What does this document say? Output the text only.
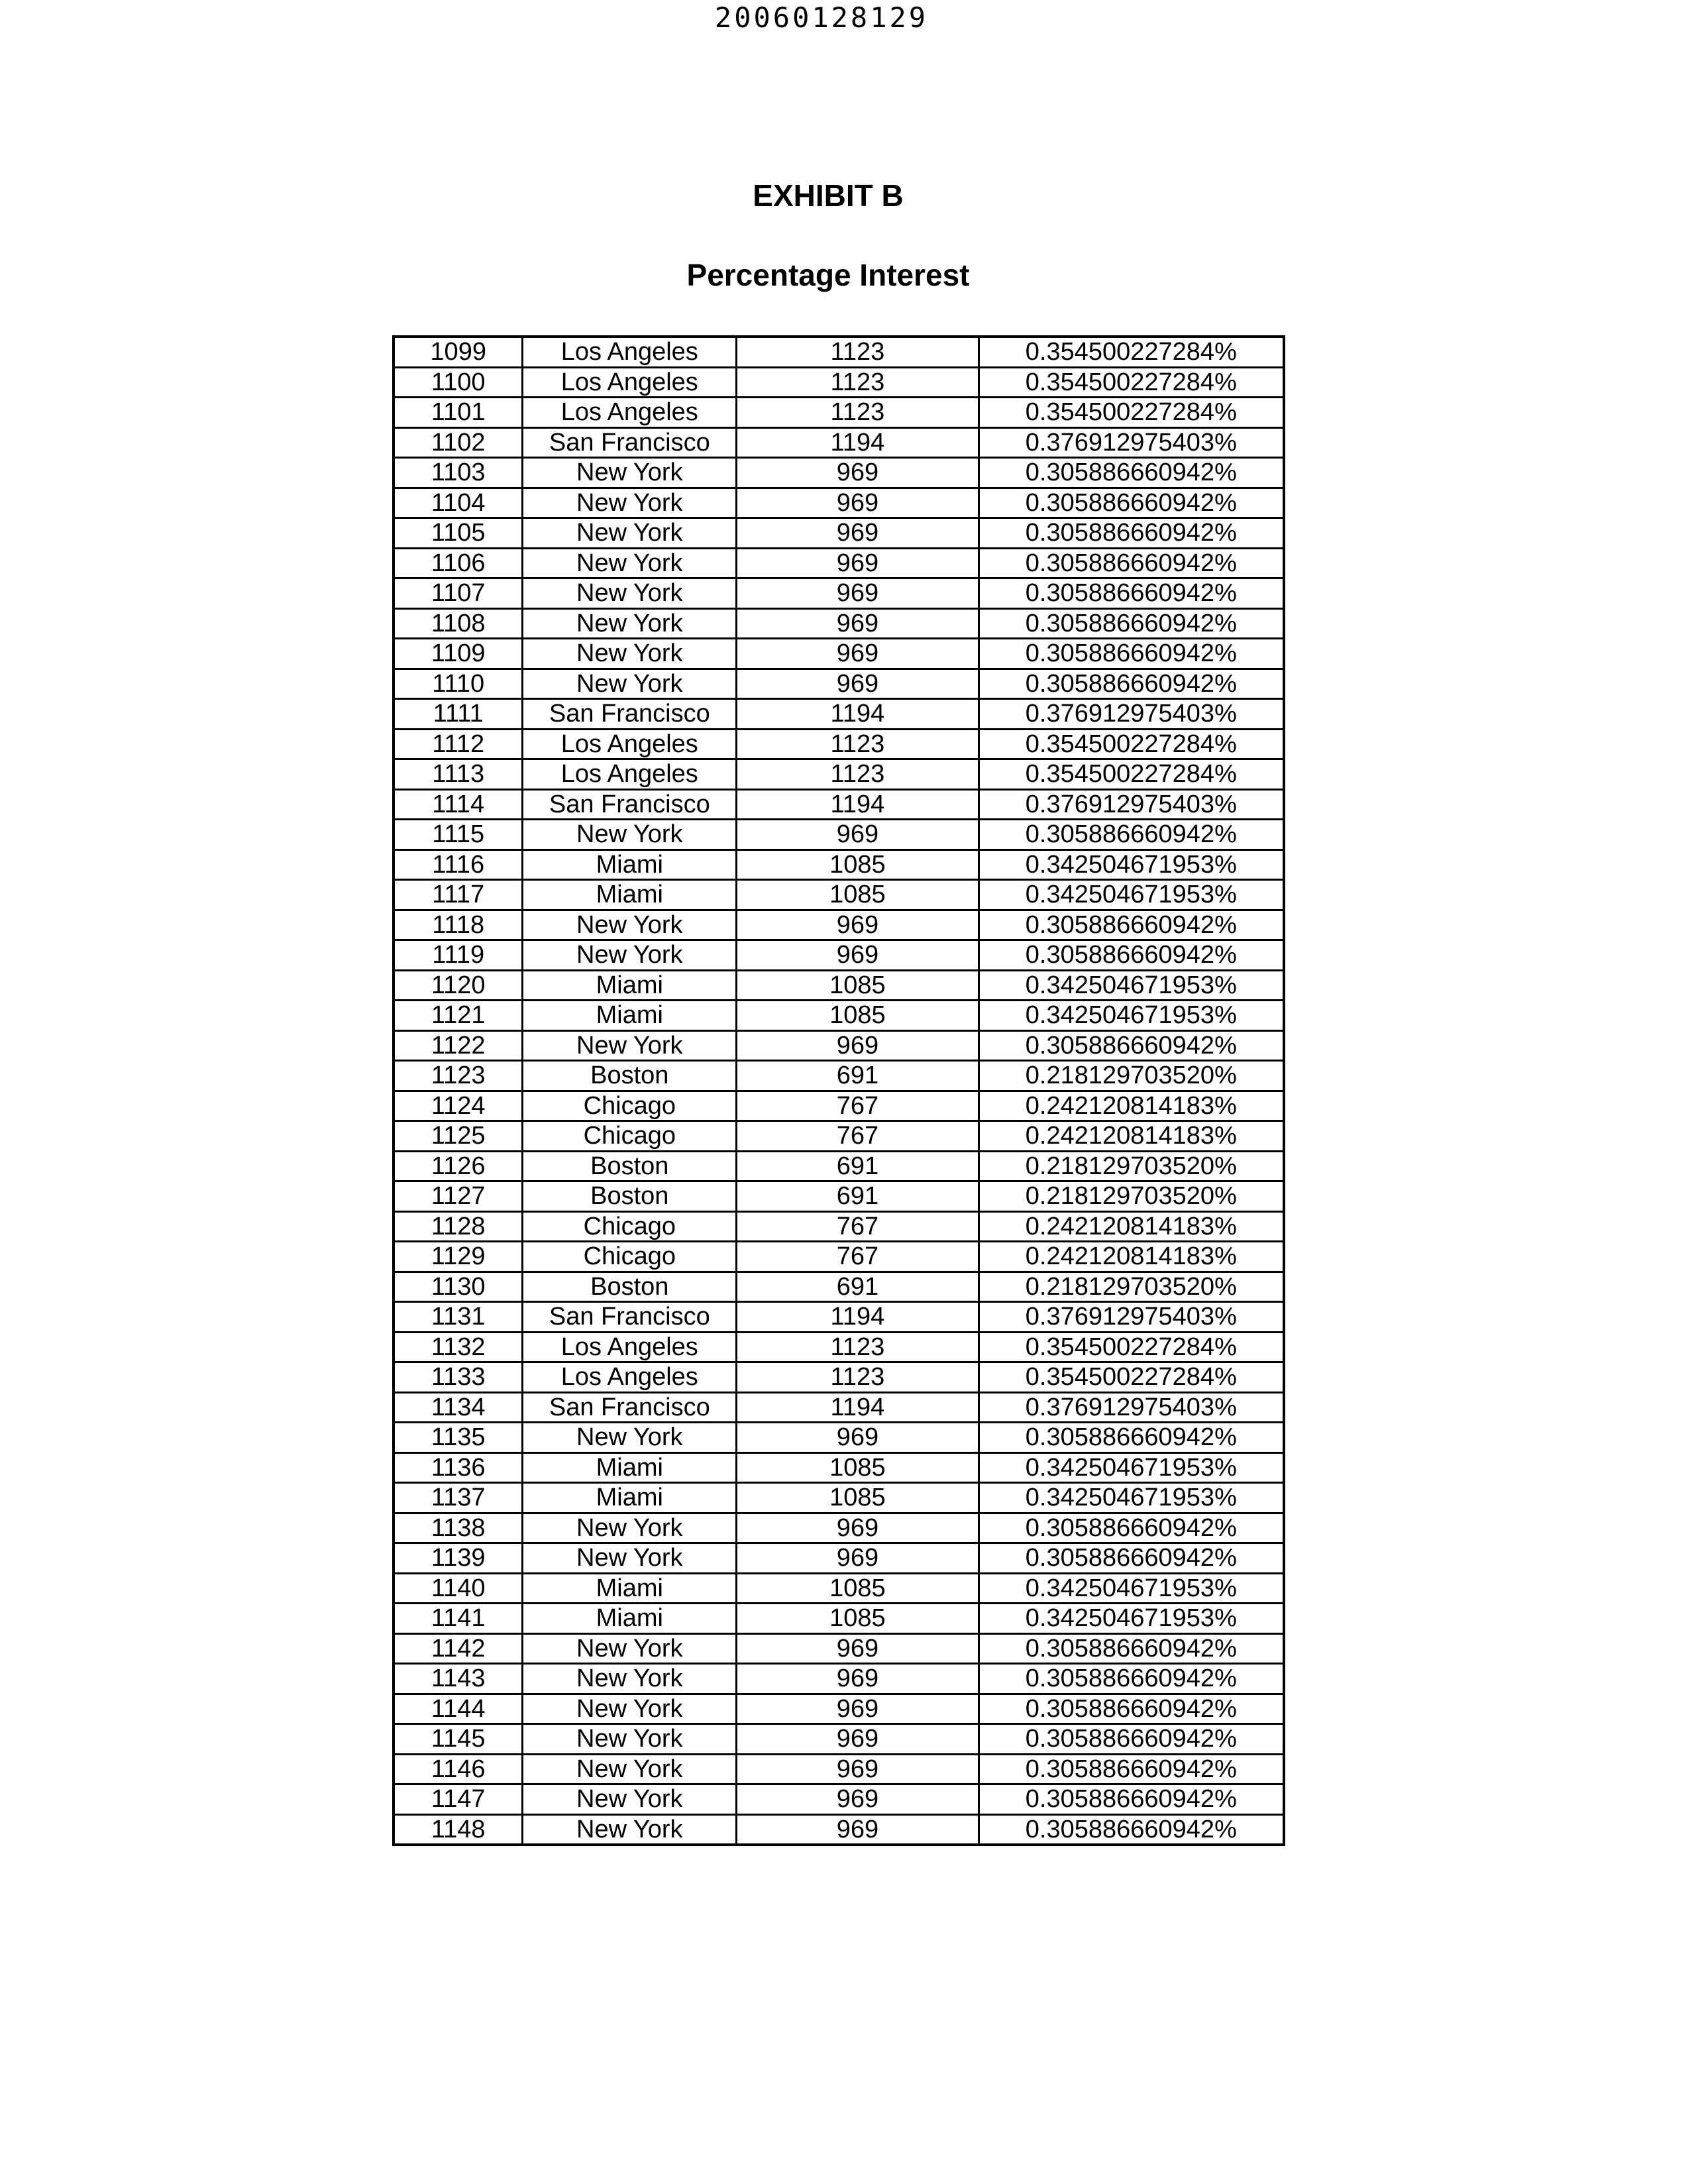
20060128129
EXHIBIT B
Percentage Interest
1099	Los Angeles	1123	0.354500227284%
1100	Los Angeles	1123	0.354500227284%
1101	Los Angeles	1123	0.354500227284%
1102	San Francisco	1194	0.376912975403%
1103	New York	969	0.305886660942%
1104	New York	969	0.305886660942%
1105	New York	969	0.305886660942%
1106	New York	969	0.305886660942%
1107	New York	969	0.305886660942%
1108	New York	969	0.305886660942%
1109	New York	969	0.305886660942%
1110	New York	969	0.305886660942%
1111	San Francisco	1194	0.376912975403%
1112	Los Angeles	1123	0.354500227284%
1113	Los Angeles	1123	0.354500227284%
1114	San Francisco	1194	0.376912975403%
1115	New York	969	0.305886660942%
1116	Miami	1085	0.342504671953%
1117	Miami	1085	0.342504671953%
1118	New York	969	0.305886660942%
1119	New York	969	0.305886660942%
1120	Miami	1085	0.342504671953%
1121	Miami	1085	0.342504671953%
1122	New York	969	0.305886660942%
1123	Boston	691	0.218129703520%
1124	Chicago	767	0.242120814183%
1125	Chicago	767	0.242120814183%
1126	Boston	691	0.218129703520%
1127	Boston	691	0.218129703520%
1128	Chicago	767	0.242120814183%
1129	Chicago	767	0.242120814183%
1130	Boston	691	0.218129703520%
1131	San Francisco	1194	0.376912975403%
1132	Los Angeles	1123	0.354500227284%
1133	Los Angeles	1123	0.354500227284%
1134	San Francisco	1194	0.376912975403%
1135	New York	969	0.305886660942%
1136	Miami	1085	0.342504671953%
1137	Miami	1085	0.342504671953%
1138	New York	969	0.305886660942%
1139	New York	969	0.305886660942%
1140	Miami	1085	0.342504671953%
1141	Miami	1085	0.342504671953%
1142	New York	969	0.305886660942%
1143	New York	969	0.305886660942%
1144	New York	969	0.305886660942%
1145	New York	969	0.305886660942%
1146	New York	969	0.305886660942%
1147	New York	969	0.305886660942%
1148	New York	969	0.305886660942%
